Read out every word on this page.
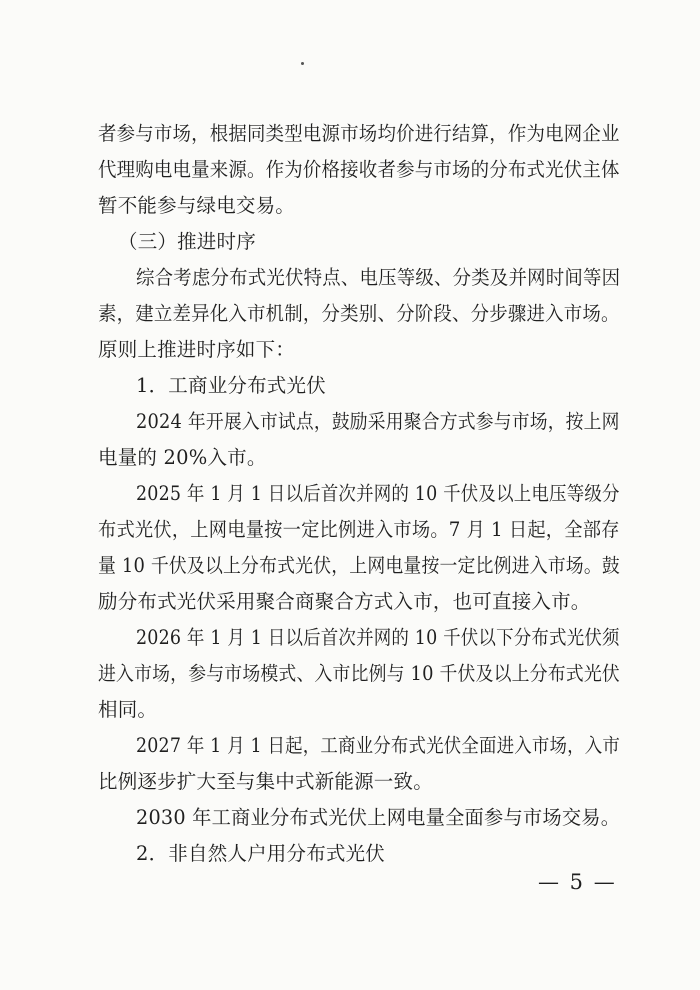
者参与市场，根据同类型电源市场均价进行结算，作为电网企业
代理购电电量来源。作为价格接收者参与市场的分布式光伏主体
暂不能参与绿电交易。
（三）推进时序
综合考虑分布式光伏特点、电压等级、分类及并网时间等因
素，建立差异化入市机制，分类别、分阶段、分步骤进入市场。
原则上推进时序如下：
1．工商业分布式光伏
2024 年开展入市试点，鼓励采用聚合方式参与市场，按上网
电量的 20%入市。
2025 年 1 月 1 日以后首次并网的 10 千伏及以上电压等级分
布式光伏，上网电量按一定比例进入市场。7 月 1 日起，全部存
量 10 千伏及以上分布式光伏，上网电量按一定比例进入市场。鼓
励分布式光伏采用聚合商聚合方式入市，也可直接入市。
2026 年 1 月 1 日以后首次并网的 10 千伏以下分布式光伏须
进入市场，参与市场模式、入市比例与 10 千伏及以上分布式光伏
相同。
2027 年 1 月 1 日起，工商业分布式光伏全面进入市场，入市
比例逐步扩大至与集中式新能源一致。
2030 年工商业分布式光伏上网电量全面参与市场交易。
2．非自然人户用分布式光伏
— 5 —
